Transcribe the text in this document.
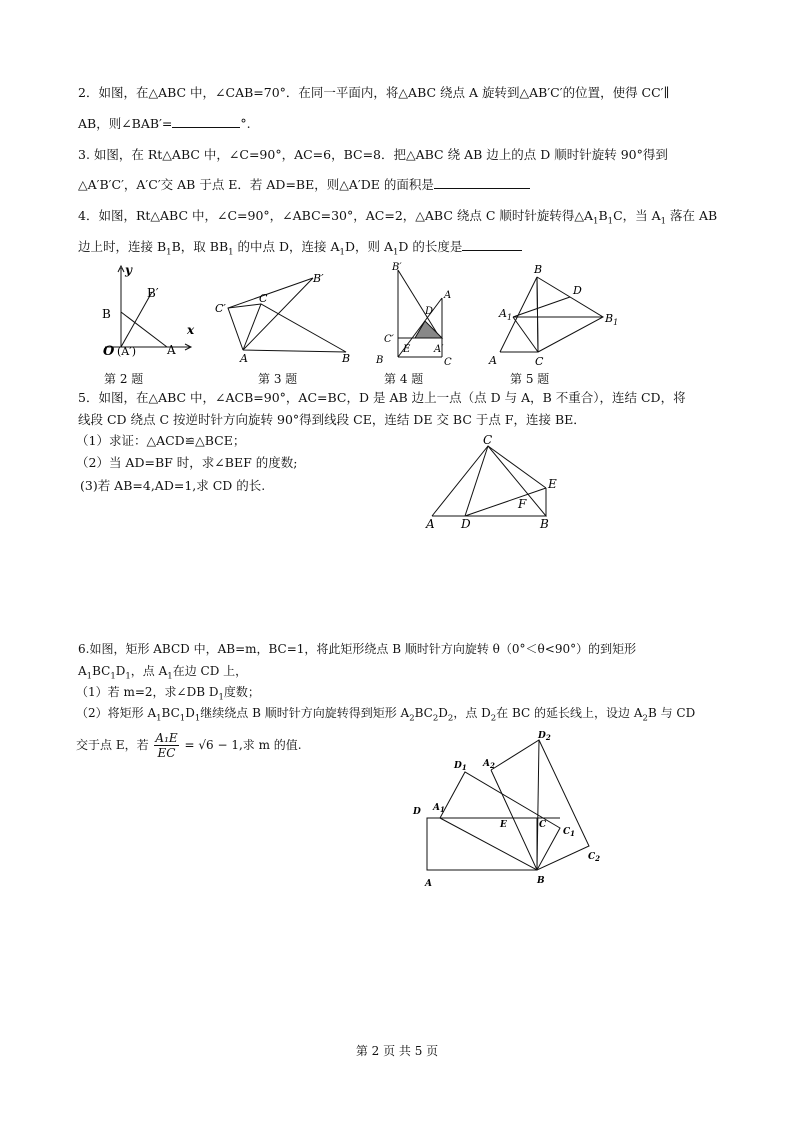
2．如图，在△ABC 中，∠CAB=70°．在同一平面内，将△ABC 绕点 A 旋转到△AB′C′的位置，使得 CC′∥
AB，则∠BAB′=	°.
3. 如图，在 Rt△ABC 中，∠C=90°，AC=6，BC=8．把△ABC 绕 AB 边上的点 D 顺时针旋转 90°得到
△A′B′C′，A′C′交 AB 于点 E．若 AD=BE，则△A′DE 的面积是
4．如图，Rt△ABC 中，∠C=90°，∠ABC=30°，AC=2，△ABC 绕点 C 顺时针旋转得$\triangle A_1B_1C$，当 $A_1$ 落在 AB
边上时，连接 $B_1B$，取 $BB_1$ 的中点 D，连接 $A_1D$，则 $A_1D$ 的长度是
y
x
B′
B
O (A′)	A
B′
C′
C
A	B
B′
D
A
C′
E A′
B	C
B
D
$A_1$	$B_1$
A	C
第 2 题	第 3 题	第 4 题	第 5 题
5．如图，在△ABC 中，∠ACB=90°，AC=BC，D 是 AB 边上一点（点 D 与 A，B 不重合），连结 CD，将
线段 CD 绕点 C 按逆时针方向旋转 90°得到线段 CE，连结 DE 交 BC 于点 F，连接 BE．
（1）求证：△ACD≌△BCE；
（2）当 AD=BF 时，求∠BEF 的度数;
(3)若 AB=4,AD=1,求 CD 的长.
C
E
F
A D	B
6.如图，矩形 ABCD 中，AB=m，BC=1，将此矩形绕点 B 顺时针方向旋转 θ（0°＜θ<90°）的到矩形
$A_1BC_1D_1$，点 $A_1$在边 CD 上，
（1）若 m=2，求∠DB $D_1$度数；
（2）将矩形 $A_1BC_1D_1$继续绕点 B 顺时针方向旋转得到矩形 $A_2BC_2D_2$，点 $D_2$在 BC 的延长线上，设边 $A_2B$ 与 CD
交于点 E，若 $\frac{\text{A₁E}}{EC} = √6 - 1$,求 m 的值.
$D_2$
$D_1$ $A_2$
D $A_1$
E	C
$C_1$
$C_2$
A	B
第 2 页 共 5 页
